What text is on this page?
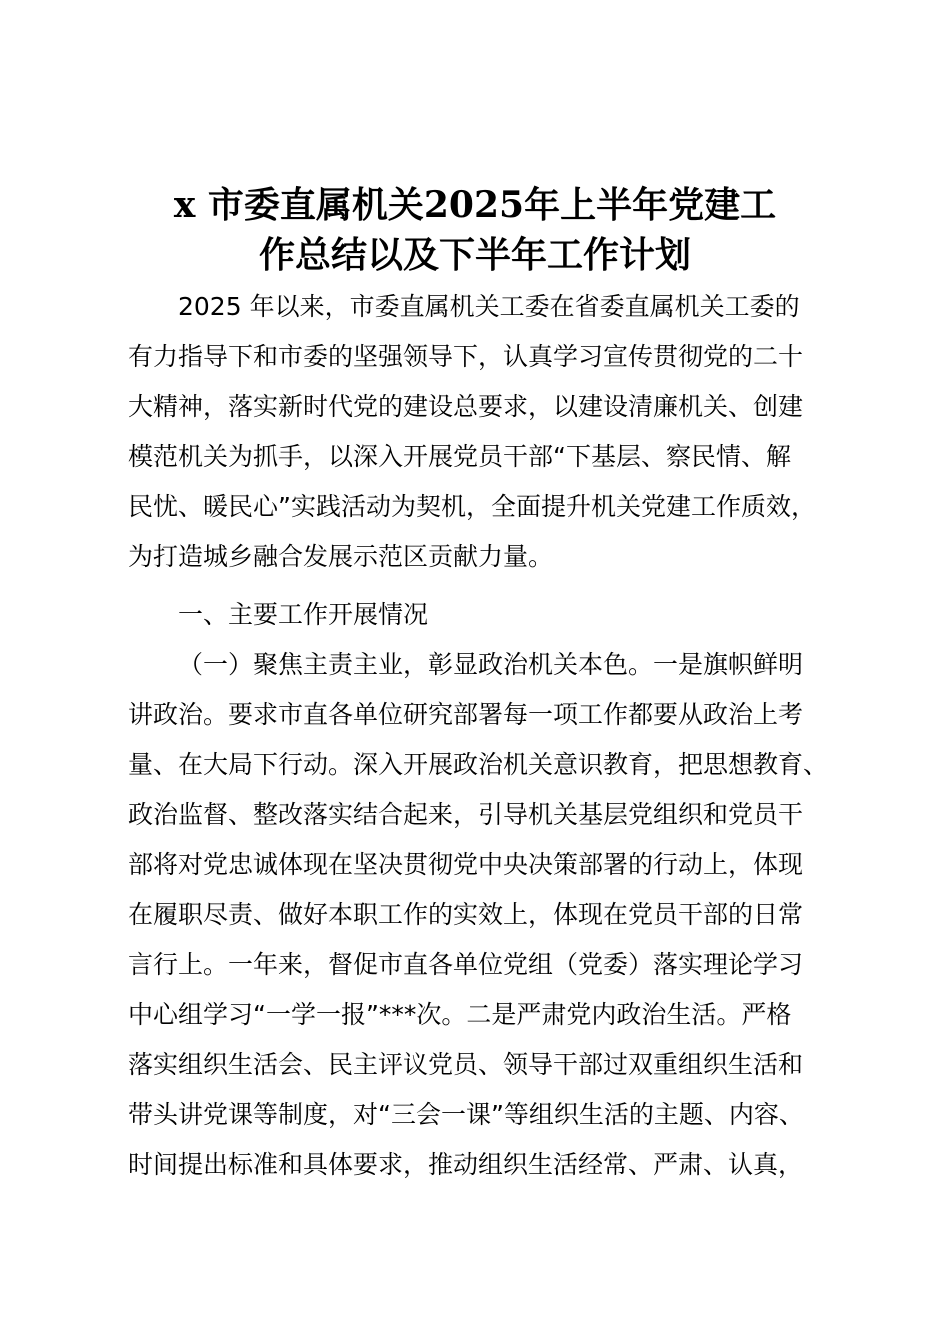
x 市委直属机关2025年上半年党建工
作总结以及下半年工作计划
2025 年以来，市委直属机关工委在省委直属机关工委的
有力指导下和市委的坚强领导下，认真学习宣传贯彻党的二十
大精神，落实新时代党的建设总要求，以建设清廉机关、创建
模范机关为抓手，以深入开展党员干部“下基层、察民情、解
民忧、暖民心”实践活动为契机，全面提升机关党建工作质效，
为打造城乡融合发展示范区贡献力量。
一、主要工作开展情况
（一）聚焦主责主业，彰显政治机关本色。一是旗帜鲜明
讲政治。要求市直各单位研究部署每一项工作都要从政治上考
量、在大局下行动。深入开展政治机关意识教育，把思想教育、
政治监督、整改落实结合起来，引导机关基层党组织和党员干
部将对党忠诚体现在坚决贯彻党中央决策部署的行动上，体现
在履职尽责、做好本职工作的实效上，体现在党员干部的日常
言行上。一年来，督促市直各单位党组（党委）落实理论学习
中心组学习“一学一报”***次。二是严肃党内政治生活。严格
落实组织生活会、民主评议党员、领导干部过双重组织生活和
带头讲党课等制度，对“三会一课”等组织生活的主题、内容、
时间提出标准和具体要求，推动组织生活经常、严肃、认真，
